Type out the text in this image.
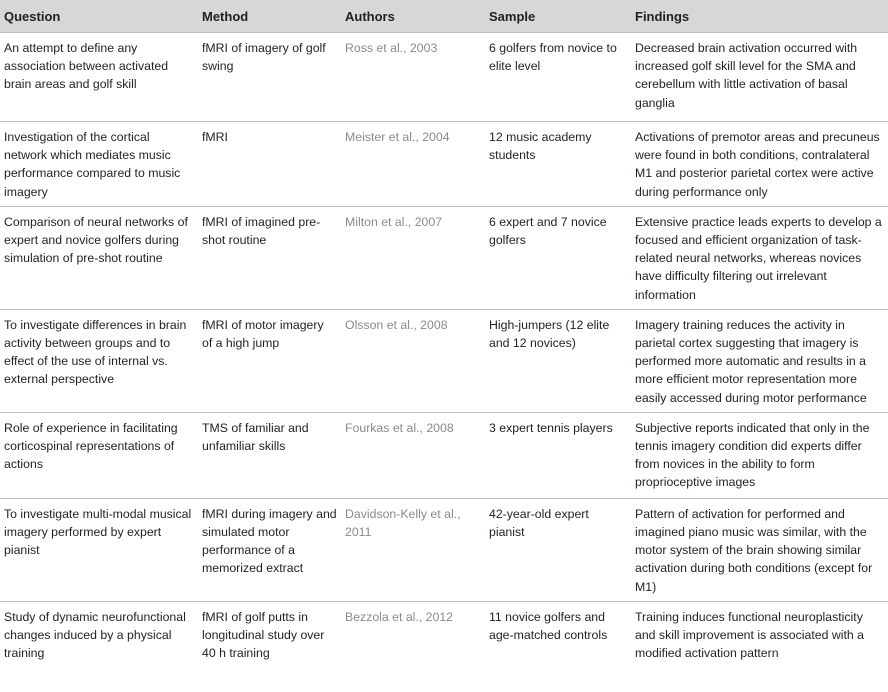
Question	Method	Authors	Sample	Findings
An attempt to define any association between activated brain areas and golf skill	fMRI of imagery of golf swing	Ross et al., 2003	6 golfers from novice to elite level	Decreased brain activation occurred with increased golf skill level for the SMA and cerebellum with little activation of basal ganglia
Investigation of the cortical network which mediates music performance compared to music imagery	fMRI	Meister et al., 2004	12 music academy students	Activations of premotor areas and precuneus were found in both conditions, contralateral M1 and posterior parietal cortex were active during performance only
Comparison of neural networks of expert and novice golfers during simulation of pre-shot routine	fMRI of imagined pre-shot routine	Milton et al., 2007	6 expert and 7 novice golfers	Extensive practice leads experts to develop a focused and efficient organization of task-related neural networks, whereas novices have difficulty filtering out irrelevant information
To investigate differences in brain activity between groups and to effect of the use of internal vs. external perspective	fMRI of motor imagery of a high jump	Olsson et al., 2008	High-jumpers (12 elite and 12 novices)	Imagery training reduces the activity in parietal cortex suggesting that imagery is performed more automatic and results in a more efficient motor representation more easily accessed during motor performance
Role of experience in facilitating corticospinal representations of actions	TMS of familiar and unfamiliar skills	Fourkas et al., 2008	3 expert tennis players	Subjective reports indicated that only in the tennis imagery condition did experts differ from novices in the ability to form proprioceptive images
To investigate multi-modal musical imagery performed by expert pianist	fMRI during imagery and simulated motor performance of a memorized extract	Davidson-Kelly et al., 2011	42-year-old expert pianist	Pattern of activation for performed and imagined piano music was similar, with the motor system of the brain showing similar activation during both conditions (except for M1)
Study of dynamic neurofunctional changes induced by a physical training	fMRI of golf putts in longitudinal study over 40 h training	Bezzola et al., 2012	11 novice golfers and age-matched controls	Training induces functional neuroplasticity and skill improvement is associated with a modified activation pattern
